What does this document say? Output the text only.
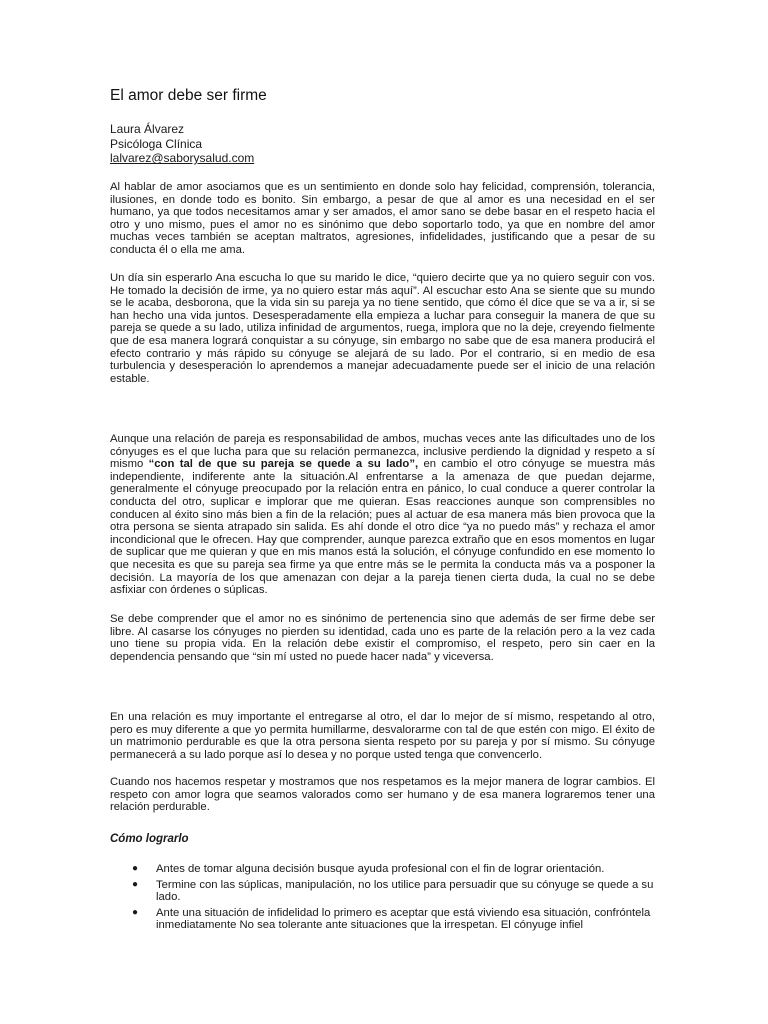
El amor debe ser firme
Laura Álvarez
Psicóloga Clínica
lalvarez@saborysalud.com

Al hablar de amor asociamos que es un sentimiento en donde solo hay felicidad, comprensión, tolerancia, ilusiones, en donde todo es bonito. Sin embargo, a pesar de que al amor es una necesidad en el ser humano, ya que todos necesitamos amar y ser amados, el amor sano se debe basar en el respeto hacia el otro y uno mismo, pues el amor no es sinónimo que debo soportarlo todo, ya que en nombre del amor muchas veces también se aceptan maltratos, agresiones, infidelidades, justificando que a pesar de su conducta él o ella me ama.

Un día sin esperarlo Ana escucha lo que su marido le dice, “quiero decirte que ya no quiero seguir con vos. He tomado la decisión de irme, ya no quiero estar más aquí”. Al escuchar esto Ana se siente que su mundo se le acaba, desborona, que la vida sin su pareja ya no tiene sentido, que cómo él dice que se va a ir, si se han hecho una vida juntos. Desesperadamente ella empieza a luchar para conseguir la manera de que su pareja se quede a su lado, utiliza infinidad de argumentos, ruega, implora que no la deje, creyendo fielmente que de esa manera logrará conquistar a su cónyuge, sin embargo no sabe que de esa manera producirá el efecto contrario y más rápido su cónyuge se alejará de su lado. Por el contrario, si en medio de esa turbulencia y desesperación lo aprendemos a manejar adecuadamente puede ser el inicio de una relación estable.

Aunque una relación de pareja es responsabilidad de ambos, muchas veces ante las dificultades uno de los cónyuges es el que lucha para que su relación permanezca, inclusive perdiendo la dignidad y respeto a sí mismo “con tal de que su pareja se quede a su lado”, en cambio el otro cónyuge se muestra más independiente, indiferente ante la situación.Al enfrentarse a la amenaza de que puedan dejarme, generalmente el cónyuge preocupado por la relación entra en pánico, lo cual conduce a querer controlar la conducta del otro, suplicar e implorar que me quieran. Esas reacciones aunque son comprensibles no conducen al éxito sino más bien a fin de la relación; pues al actuar de esa manera más bien provoca que la otra persona se sienta atrapado sin salida. Es ahí donde el otro dice “ya no puedo más” y rechaza el amor incondicional que le ofrecen. Hay que comprender, aunque parezca extraño que en esos momentos en lugar de suplicar que me quieran y que en mis manos está la solución, el cónyuge confundido en ese momento lo que necesita es que su pareja sea firme ya que entre más se le permita la conducta más va a posponer la decisión. La mayoría de los que amenazan con dejar a la pareja tienen cierta duda, la cual no se debe asfixiar con órdenes o súplicas.

Se debe comprender que el amor no es sinónimo de pertenencia sino que además de ser firme debe ser libre. Al casarse los cónyuges no pierden su identidad, cada uno es parte de la relación pero a la vez cada uno tiene su propia vida. En la relación debe existir el compromiso, el respeto, pero sin caer en la dependencia pensando que “sin mí usted no puede hacer nada” y viceversa.

En una relación es muy importante el entregarse al otro, el dar lo mejor de sí mismo, respetando al otro, pero es muy diferente a que yo permita humillarme, desvalorarme con tal de que estén con migo. El éxito de un matrimonio perdurable es que la otra persona sienta respeto por su pareja y por sí mismo. Su cónyuge permanecerá a su lado porque así lo desea y no porque usted tenga que convencerlo.

Cuando nos hacemos respetar y mostramos que nos respetamos es la mejor manera de lograr cambios. El respeto con amor logra que seamos valorados como ser humano y de esa manera lograremos tener una relación perdurable.

Cómo lograrlo
● Antes de tomar alguna decisión busque ayuda profesional con el fin de lograr orientación.
● Termine con las súplicas, manipulación, no los utilice para persuadir que su cónyuge se quede a su lado.
● Ante una situación de infidelidad lo primero es aceptar que está viviendo esa situación, confróntela inmediatamente No sea tolerante ante situaciones que la irrespetan. El cónyuge infiel
